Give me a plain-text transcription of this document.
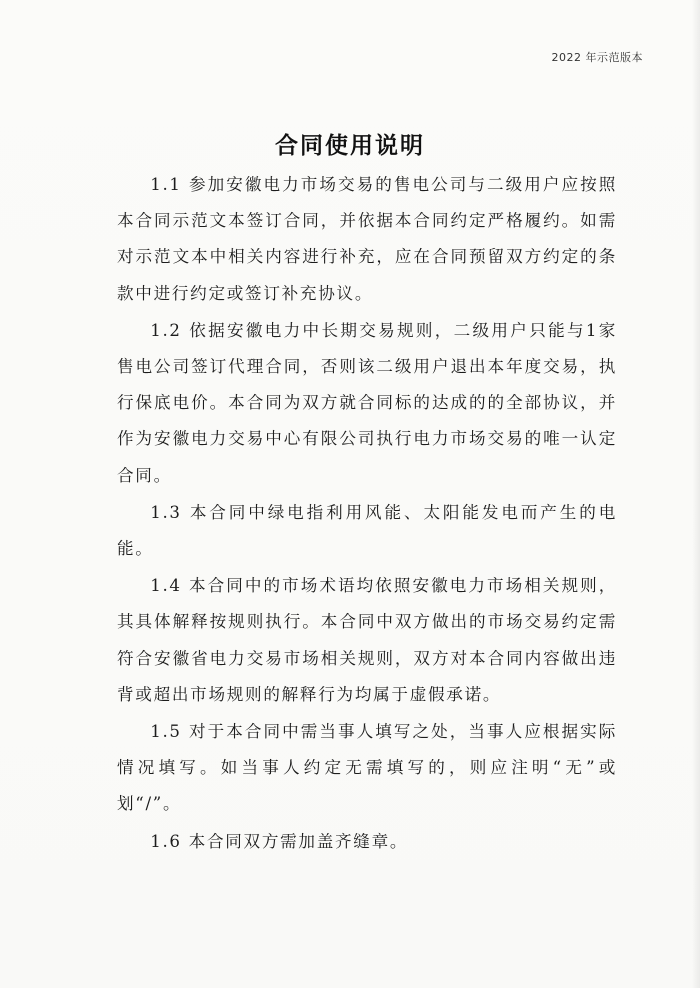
2022 年示范版本
合同使用说明

1.1 参加安徽电力市场交易的售电公司与二级用户应按照本合同示范文本签订合同，并依据本合同约定严格履约。如需对示范文本中相关内容进行补充，应在合同预留双方约定的条款中进行约定或签订补充协议。

1.2 依据安徽电力中长期交易规则，二级用户只能与1家售电公司签订代理合同，否则该二级用户退出本年度交易，执行保底电价。本合同为双方就合同标的达成的的全部协议，并作为安徽电力交易中心有限公司执行电力市场交易的唯一认定合同。

1.3 本合同中绿电指利用风能、太阳能发电而产生的电能。

1.4 本合同中的市场术语均依照安徽电力市场相关规则，其具体解释按规则执行。本合同中双方做出的市场交易约定需符合安徽省电力交易市场相关规则，双方对本合同内容做出违背或超出市场规则的解释行为均属于虚假承诺。

1.5 对于本合同中需当事人填写之处，当事人应根据实际情况填写。如当事人约定无需填写的，则应注明“无”或划“/”。

1.6 本合同双方需加盖齐缝章。
